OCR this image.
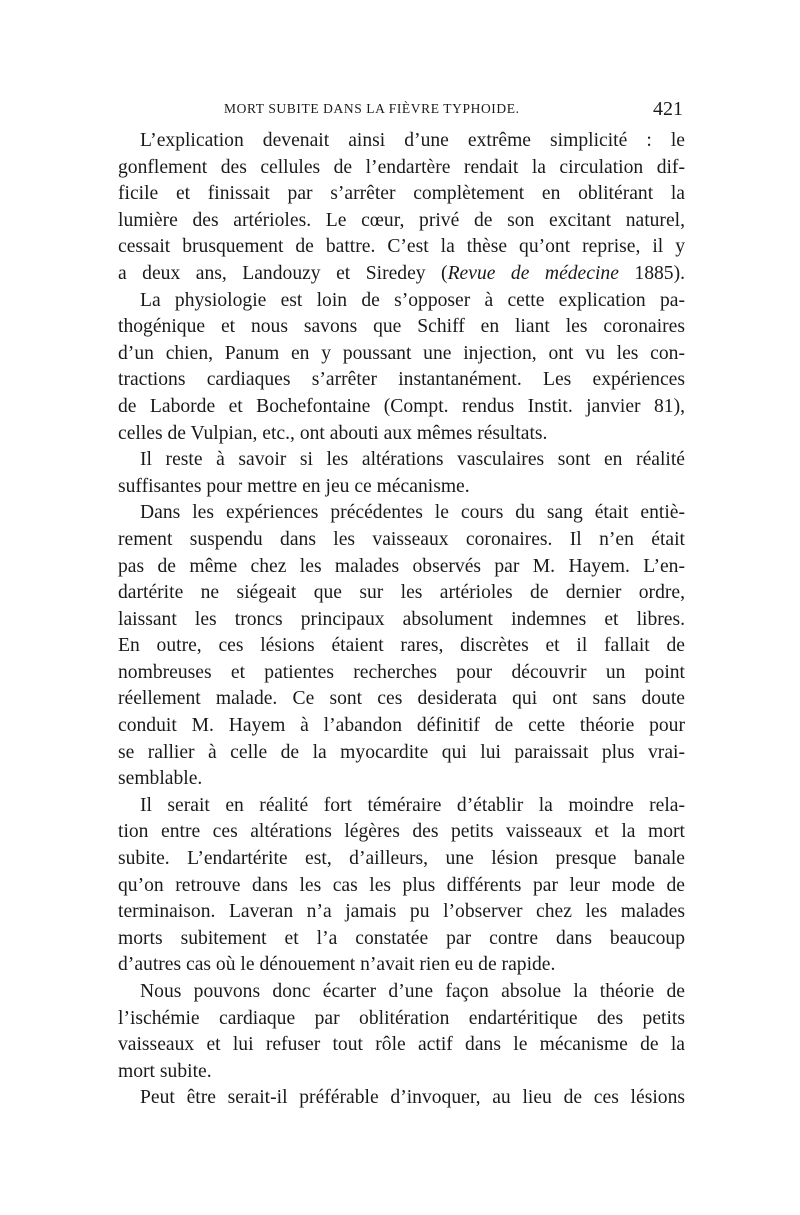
MORT SUBITE DANS LA FIÈVRE TYPHOIDE.	421
L’explication devenait ainsi d’une extrême simplicité : le
gonflement des cellules de l’endartère rendait la circulation dif-
ficile et finissait par s’arrêter complètement en oblitérant la
lumière des artérioles. Le cœur, privé de son excitant naturel,
cessait brusquement de battre. C’est la thèse qu’ont reprise, il y
a deux ans, Landouzy et Siredey (Revue de médecine 1885).
La physiologie est loin de s’opposer à cette explication pa-
thogénique et nous savons que Schiff en liant les coronaires
d’un chien, Panum en y poussant une injection, ont vu les con-
tractions cardiaques s’arrêter instantanément. Les expériences
de Laborde et Bochefontaine (Compt. rendus Instit. janvier 81),
celles de Vulpian, etc., ont abouti aux mêmes résultats.
Il reste à savoir si les altérations vasculaires sont en réalité
suffisantes pour mettre en jeu ce mécanisme.
Dans les expériences précédentes le cours du sang était entiè-
rement suspendu dans les vaisseaux coronaires. Il n’en était
pas de même chez les malades observés par M. Hayem. L’en-
dartérite ne siégeait que sur les artérioles de dernier ordre,
laissant les troncs principaux absolument indemnes et libres.
En outre, ces lésions étaient rares, discrètes et il fallait de
nombreuses et patientes recherches pour découvrir un point
réellement malade. Ce sont ces desiderata qui ont sans doute
conduit M. Hayem à l’abandon définitif de cette théorie pour
se rallier à celle de la myocardite qui lui paraissait plus vrai-
semblable.
Il serait en réalité fort téméraire d’établir la moindre rela-
tion entre ces altérations légères des petits vaisseaux et la mort
subite. L’endartérite est, d’ailleurs, une lésion presque banale
qu’on retrouve dans les cas les plus différents par leur mode de
terminaison. Laveran n’a jamais pu l’observer chez les malades
morts subitement et l’a constatée par contre dans beaucoup
d’autres cas où le dénouement n’avait rien eu de rapide.
Nous pouvons donc écarter d’une façon absolue la théorie de
l’ischémie cardiaque par oblitération endartéritique des petits
vaisseaux et lui refuser tout rôle actif dans le mécanisme de la
mort subite.
Peut être serait-il préférable d’invoquer, au lieu de ces lésions
